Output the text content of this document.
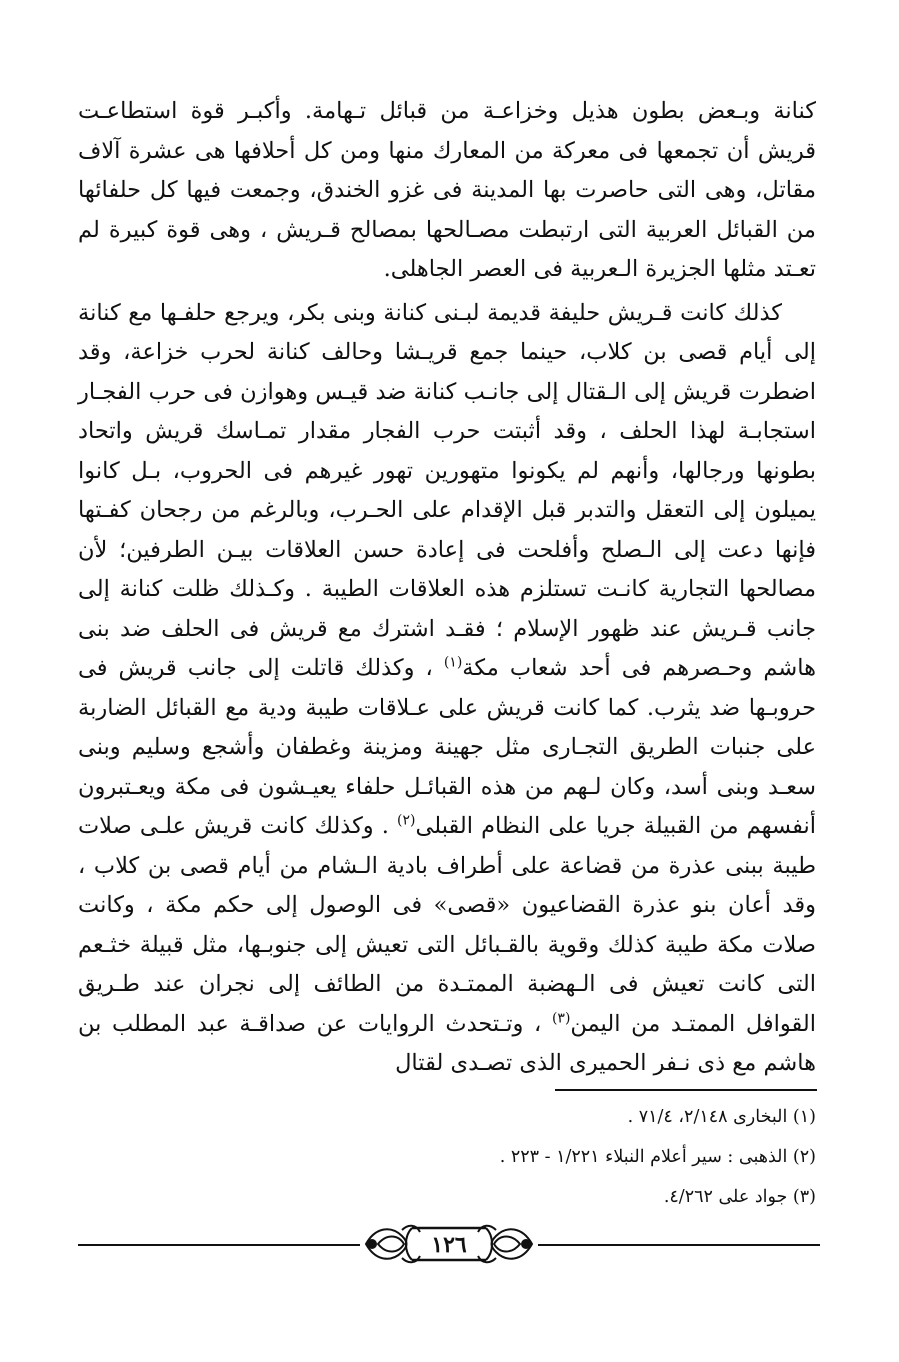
كنانة وبـعض بطون هذيل وخزاعـة من قبائل تـهامة. وأكبـر قوة استطاعـت قريش أن تجمعها فى معركة من المعارك منها ومن كل أحلافها هى عشرة آلاف مقاتل، وهى التى حاصرت بها المدينة فى غزو الخندق، وجمعت فيها كل حلفائها من القبائل العربية التى ارتبطت مصـالحها بمصالح قـريش ، وهى قوة كبيرة لم تعـتد مثلها الجزيرة الـعربية فى العصر الجاهلى.

كذلك كانت قـريش حليفة قديمة لبـنى كنانة وبنى بكر، ويرجع حلفـها مع كنانة إلى أيام قصى بن كلاب، حينما جمع قريـشا وحالف كنانة لحرب خزاعة، وقد اضطرت قريش إلى الـقتال إلى جانـب كنانة ضد قيـس وهوازن فى حرب الفجـار استجابـة لهذا الحلف ، وقد أثبتت حرب الفجار مقدار تمـاسك قريش واتحاد بطونها ورجالها، وأنهم لم يكونوا متهورين تهور غيرهم فى الحروب، بـل كانوا يميلون إلى التعقل والتدبر قبل الإقدام على الحـرب، وبالرغم من رجحان كفـتها فإنها دعت إلى الـصلح وأفلحت فى إعادة حسن العلاقات بيـن الطرفين؛ لأن مصالحها التجارية كانـت تستلزم هذه العلاقات الطيبة . وكـذلك ظلت كنانة إلى جانب قـريش عند ظهور الإسلام ؛ فقـد اشترك مع قريش فى الحلف ضد بنى هاشم وحـصرهم فى أحد شعاب مكة$^{(١)}$ ، وكذلك قاتلت إلى جانب قريش فى حروبـها ضد يثرب. كما كانت قريش على عـلاقات طيبة ودية مع القبائل الضاربة على جنبات الطريق التجـارى مثل جهينة ومزينة وغطفان وأشجع وسليم وبنى سعـد وبنى أسد، وكان لـهم من هذه القبائـل حلفاء يعيـشون فى مكة ويعـتبرون أنفسهم من القبيلة جريا على النظام القبلى$^{(٢)}$ . وكذلك كانت قريش علـى صلات طيبة ببنى عذرة من قضاعة على أطراف بادية الـشام من أيام قصى بن كلاب ، وقد أعان بنو عذرة القضاعيون «قصى» فى الوصول إلى حكم مكة ، وكانت صلات مكة طيبة كذلك وقوية بالقـبائل التى تعيش إلى جنوبـها، مثل قبيلة خثـعم التى كانت تعيش فى الـهضبة الممتـدة من الطائف إلى نجران عند طـريق القوافل الممتـد من اليمن$^{(٣)}$ ، وتـتحدث الروايات عن صداقـة عبد المطلب بن هاشم مع ذى نـفر الحميرى الذى تصـدى لقتال

(١) البخارى ٢/١٤٨، ٧١/٤ .

(٢) الذهبى : سير أعلام النبلاء ١/٢٢١ - ٢٢٣ .

(٣) جواد على ٤/٢٦٢.

١٢٦
